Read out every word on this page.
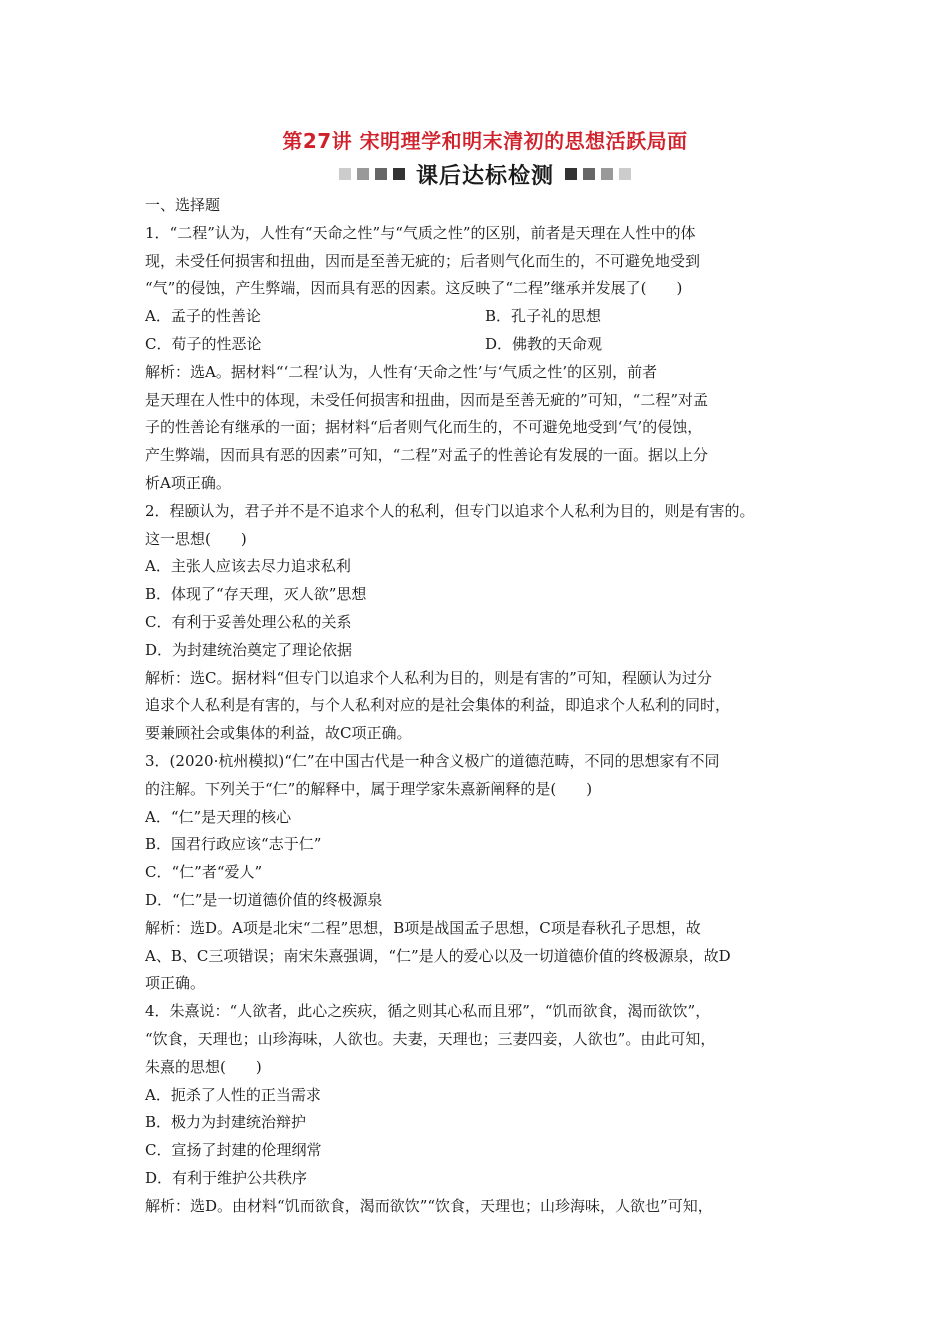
第27讲 宋明理学和明末清初的思想活跃局面
课后达标检测

一、选择题

1．“二程”认为，人性有“天命之性”与“气质之性”的区别，前者是天理在人性中的体

现，未受任何损害和扭曲，因而是至善无疵的；后者则气化而生的，不可避免地受到

“气”的侵蚀，产生弊端，因而具有恶的因素。这反映了“二程”继承并发展了(　　)

A．孟子的性善论	B．孔子礼的思想

C．荀子的性恶论	D．佛教的天命观

解析：选A。据材料“‘二程’认为，人性有‘天命之性’与‘气质之性’的区别，前者

是天理在人性中的体现，未受任何损害和扭曲，因而是至善无疵的”可知，“二程”对孟

子的性善论有继承的一面；据材料“后者则气化而生的，不可避免地受到‘气’的侵蚀，

产生弊端，因而具有恶的因素”可知，“二程”对孟子的性善论有发展的一面。据以上分

析A项正确。

2．程颐认为，君子并不是不追求个人的私利，但专门以追求个人私利为目的，则是有害的。

这一思想(　　)

A．主张人应该去尽力追求私利

B．体现了“存天理，灭人欲”思想

C．有利于妥善处理公私的关系

D．为封建统治奠定了理论依据

解析：选C。据材料“但专门以追求个人私利为目的，则是有害的”可知，程颐认为过分

追求个人私利是有害的，与个人私利对应的是社会集体的利益，即追求个人私利的同时，

要兼顾社会或集体的利益，故C项正确。

3．(2020·杭州模拟)“仁”在中国古代是一种含义极广的道德范畴，不同的思想家有不同

的注解。下列关于“仁”的解释中，属于理学家朱熹新阐释的是(　　)

A．“仁”是天理的核心

B．国君行政应该“志于仁”

C．“仁”者“爱人”

D．“仁”是一切道德价值的终极源泉

解析：选D。A项是北宋“二程”思想，B项是战国孟子思想，C项是春秋孔子思想，故

A、B、C三项错误；南宋朱熹强调，“仁”是人的爱心以及一切道德价值的终极源泉，故D

项正确。

4．朱熹说：“人欲者，此心之疾疢，循之则其心私而且邪”，“饥而欲食，渴而欲饮”，

“饮食，天理也；山珍海味，人欲也。夫妻，天理也；三妻四妾，人欲也”。由此可知，

朱熹的思想(　　)

A．扼杀了人性的正当需求

B．极力为封建统治辩护

C．宣扬了封建的伦理纲常

D．有利于维护公共秩序

解析：选D。由材料“饥而欲食，渴而欲饮”“饮食，天理也；山珍海味，人欲也”可知，
